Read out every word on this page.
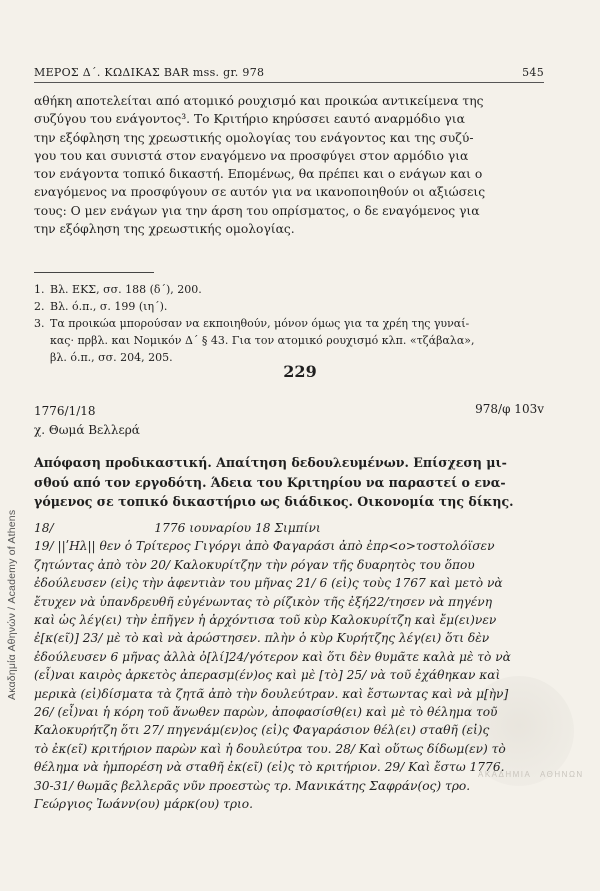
Ακαδημία Αθηνών / Academy of Athens
ΜΕΡΟΣ Δ΄. ΚΩΔΙΚΑΣ ΒΑR mss. gr. 978	545
αθήκη αποτελείται από ατομικό ρουχισμό και προικώα αντικείμενα της
συζύγου του ενάγοντος³. Το Κριτήριο κηρύσσει εαυτό αναρμόδιο για
την εξόφληση της χρεωστικής ομολογίας του ενάγοντος και της συζύ-
γου του και συνιστά στον εναγόμενο να προσφύγει στον αρμόδιο για
τον ενάγοντα τοπικό δικαστή. Επομένως, θα πρέπει και ο ενάγων και ο
εναγόμενος να προσφύγουν σε αυτόν για να ικανοποιηθούν οι αξιώσεις
τους: Ο μεν ενάγων για την άρση του οπρίσματος, ο δε εναγόμενος για
την εξόφληση της χρεωστικής ομολογίας.
1. Βλ. ΕΚΣ, σσ. 188 (δ΄), 200.
2. Βλ. ό.π., σ. 199 (ιη΄).
3. Τα προικώα μπορούσαν να εκποιηθούν, μόνον όμως για τα χρέη της γυναί-
κας· πρβλ. και Νομικόν Δ΄ § 43. Για τον ατομικό ρουχισμό κλπ. «τζάβαλα»,
βλ. ό.π., σσ. 204, 205.
229
1776/1/18
χ. Θωμά Βελλερά
978/φ 103v
Απόφαση προδικαστική. Απαίτηση δεδουλευμένων. Επίσχεση μι-
σθού από τον εργοδότη. Άδεια του Κριτηρίου να παραστεί ο ενα-
γόμενος σε τοπικό δικαστήριο ως διάδικος. Οικονομία της δίκης.
ΑΚΑΔΗΜΙΑ ΑΘΗΝΩΝ
18/                          1776 ιουναρίου 18 Σιμπίνι
19/ ||ʹΗλ|| θεν ὁ Τρίτερος Γιγόργι ἀπὸ Φαγαράσι ἀπὸ ἐπρ<ο>τοστολόϊσεν
ζητώντας ἀπὸ τὸν 20/ Καλοκυρίτζην τὴν ρόγαν τῆς δυαρητὸς του ὅπου
ἐδούλευσεν (εἰ)ς τὴν ἀφεντιὰν του μῆνας 21/ 6 (εἰ)ς τοὺς 1767 καὶ μετὸ νὰ
ἔτυχεν νὰ ὑπανδρευθῆ εὐγένωντας τὸ ρίζικὸν τῆς ἐξή22/τησεν νὰ πηγένη
καὶ ὡς λέγ(ει) τὴν ἐπῆγεν ἡ ἀρχόντισα τοῦ κὺρ Καλοκυρίτζη καὶ ἔμ(ει)νεν
ἐ[κ(εῖ)] 23/ μὲ τὸ καὶ νὰ ἀρώστησεν. πλὴν ὁ κὺρ Κυρήτζης λέγ(ει) ὅτι δὲν
ἐδούλευσεν 6 μῆνας ἀλλὰ ὀ[λί]24/γότερον καὶ ὅτι δὲν θυμᾶτε καλὰ μὲ τὸ νὰ
(εἶ)ναι καιρὸς ἀρκετὸς ἀπερασμ(έν)ος καὶ μὲ [τὸ] 25/ νὰ τοῦ ἐχάθηκαν καὶ
μερικὰ (εἰ)δίσματα τὰ ζητᾶ ἀπὸ τὴν δουλεύτραν. καὶ ἔστωντας καὶ νὰ μ[ὴν]
26/ (εἶ)ναι ἡ κόρη τοῦ ἄνωθεν παρὼν, ἀποφασίσθ(ει) καὶ μὲ τὸ θέλημα τοῦ
Καλοκυρήτζη ὅτι 27/ πηγενάμ(εν)ος (εἰ)ς Φαγαράσιον θέλ(ει) σταθῆ (εἰ)ς
τὸ ἐκ(εῖ) κριτήριον παρὼν καὶ ἡ δουλεύτρα του. 28/ Καὶ οὕτως δίδωμ(εν) τὸ
θέλημα νὰ ἠμπορέση νὰ σταθῆ ἐκ(εῖ) (εἰ)ς τὸ κριτήριον. 29/ Καὶ ἔστω 1776.
30-31/ θωμᾶς βελλερᾶς νῦν προεστὼς τρ. Μανικάτης Σαφράν(ος) τρο.
Γεώργιος Ἰωάνν(ου) μάρκ(ου) τριο.
